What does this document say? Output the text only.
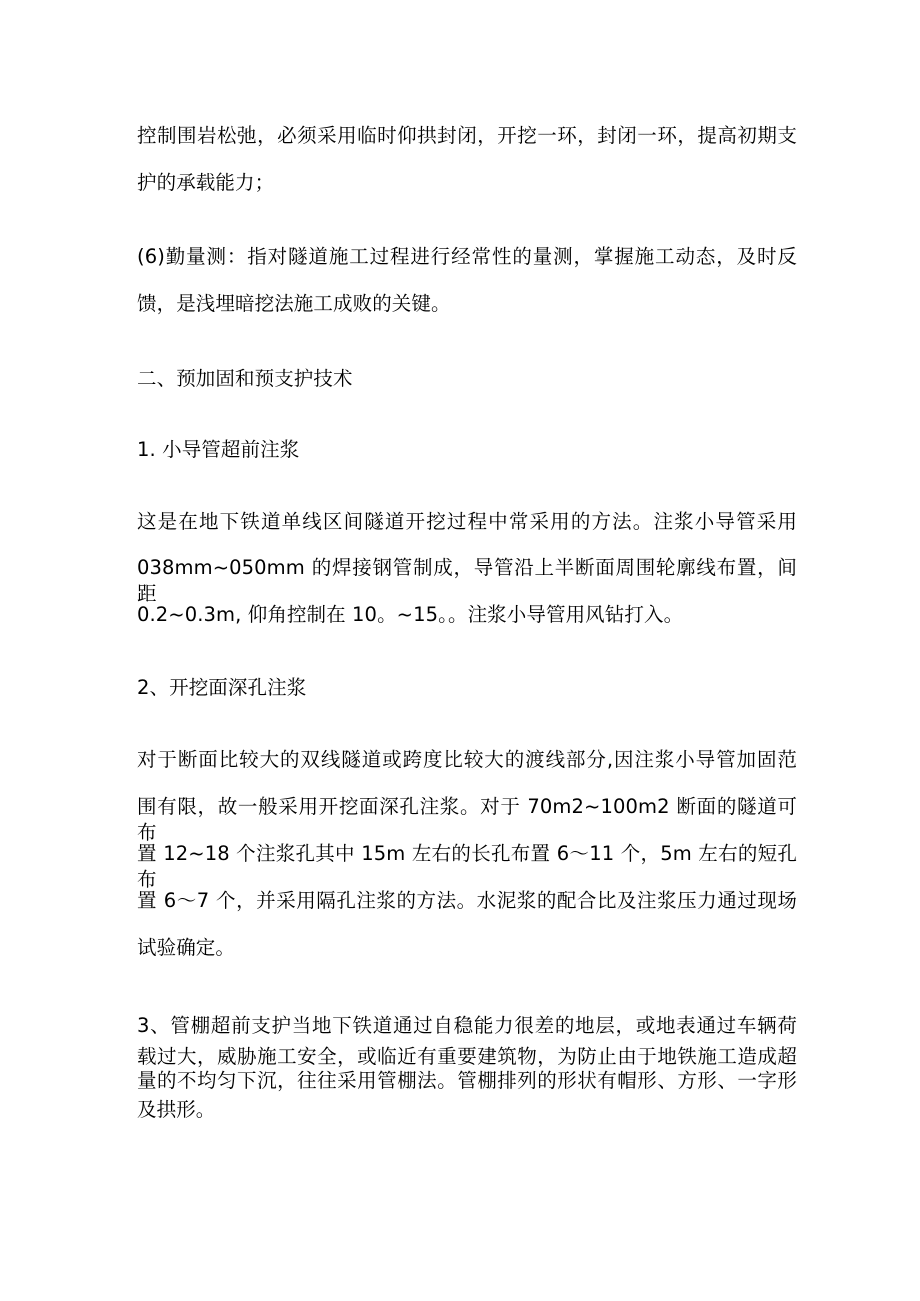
控制围岩松弛，必须采用临时仰拱封闭，开挖一环，封闭一环，提高初期支
护的承载能力；
(6)勤量测：指对隧道施工过程进行经常性的量测，掌握施工动态，及时反
馈，是浅埋暗挖法施工成败的关键。
二、预加固和预支护技术
1. 小导管超前注浆
这是在地下铁道单线区间隧道开挖过程中常采用的方法。注浆小导管采用
038mm~050mm 的焊接钢管制成，导管沿上半断面周围轮廓线布置，间距
0.2~0.3m, 仰角控制在 10。~15。。注浆小导管用风钻打入。
2、开挖面深孔注浆
对于断面比较大的双线隧道或跨度比较大的渡线部分,因注浆小导管加固范
围有限，故一般采用开挖面深孔注浆。对于 70m2~100m2 断面的隧道可布
置 12~18 个注浆孔其中 15m 左右的长孔布置 6～11 个，5m 左右的短孔布
置 6～7 个，并采用隔孔注浆的方法。水泥浆的配合比及注浆压力通过现场
试验确定。
3、管棚超前支护当地下铁道通过自稳能力很差的地层，或地表通过车辆荷
载过大，威胁施工安全，或临近有重要建筑物，为防止由于地铁施工造成超
量的不均匀下沉，往往采用管棚法。管棚排列的形状有帽形、方形、一字形
及拱形。
